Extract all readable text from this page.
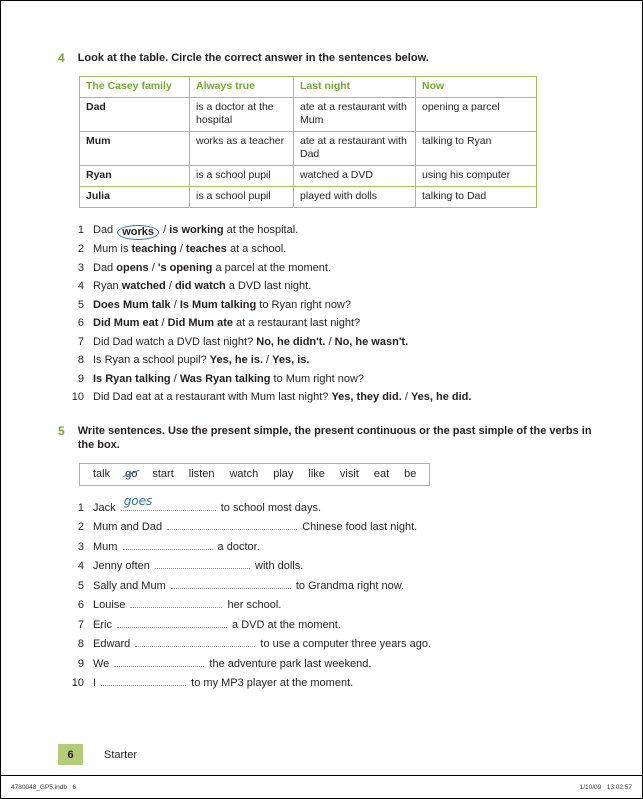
4 Look at the table. Circle the correct answer in the sentences below.
The Casey family	Always true	Last night	Now
Dad	is a doctor at the hospital	ate at a restaurant with Mum	opening a parcel
Mum	works as a teacher	ate at a restaurant with Dad	talking to Ryan
Ryan	is a school pupil	watched a DVD	using his computer
Julia	is a school pupil	played with dolls	talking to Dad
1 Dad works / is working at the hospital.
2 Mum is teaching / teaches at a school.
3 Dad opens / 's opening a parcel at the moment.
4 Ryan watched / did watch a DVD last night.
5 Does Mum talk / Is Mum talking to Ryan right now?
6 Did Mum eat / Did Mum ate at a restaurant last night?
7 Did Dad watch a DVD last night? No, he didn't. / No, he wasn't.
8 Is Ryan a school pupil? Yes, he is. / Yes, is.
9 Is Ryan talking / Was Ryan talking to Mum right now?
10 Did Dad eat at a restaurant with Mum last night? Yes, they did. / Yes, he did.
5 Write sentences. Use the present simple, the present continuous or the past simple of the verbs in the box.
talk go start listen watch play like visit eat be
1 Jack goes	to school most days.
2 Mum and Dad	Chinese food last night.
3 Mum	a doctor.
4 Jenny often	with dolls.
5 Sally and Mum	to Grandma right now.
6 Louise	her school.
7 Eric	a DVD at the moment.
8 Edward	to use a computer three years ago.
9 We	the adventure park last weekend.
10 I	to my MP3 player at the moment.
6	Starter
4780048_GP5.indb   6	1/10/09   13:02:57
